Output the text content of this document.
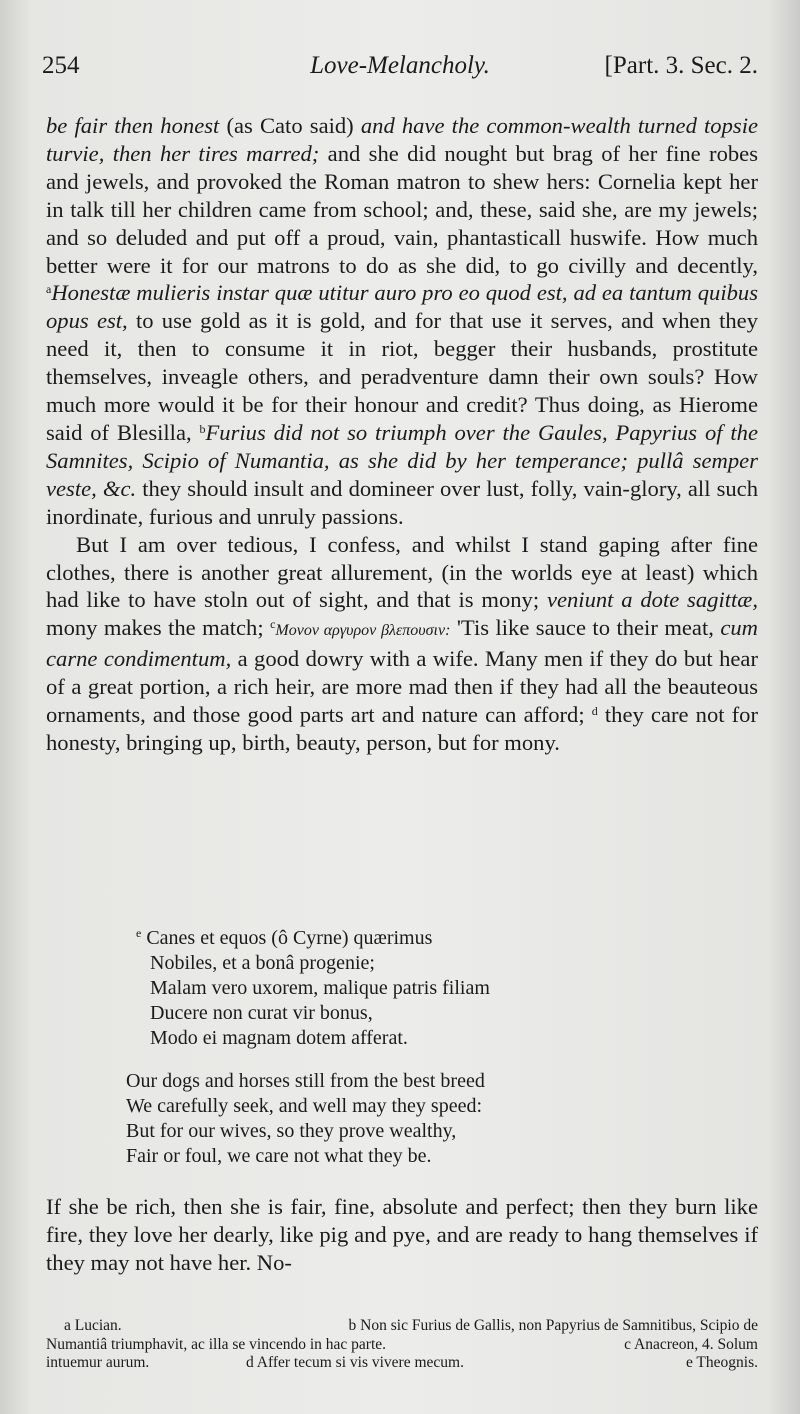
254	Love-Melancholy.	[Part. 3. Sec. 2.

be fair then honest (as Cato said) and have the common-wealth turned topsie turvie, then her tires marred; and she did nought but brag of her fine robes and jewels, and provoked the Roman matron to shew hers: Cornelia kept her in talk till her children came from school; and, these, said she, are my jewels; and so deluded and put off a proud, vain, phantasticall huswife. How much better were it for our matrons to do as she did, to go civilly and decently, $^a$Honestæ mulieris instar quæ utitur auro pro eo quod est, ad ea tantum quibus opus est, to use gold as it is gold, and for that use it serves, and when they need it, then to consume it in riot, begger their husbands, prostitute themselves, inveagle others, and peradventure damn their own souls? How much more would it be for their honour and credit? Thus doing, as Hierome said of Blesilla, $^b$Furius did not so triumph over the Gaules, Papyrius of the Samnites, Scipio of Numantia, as she did by her temperance; pullâ semper veste, &c. they should insult and domineer over lust, folly, vain-glory, all such inordinate, furious and unruly passions.

But I am over tedious, I confess, and whilst I stand gaping after fine clothes, there is another great allurement, (in the worlds eye at least) which had like to have stoln out of sight, and that is mony; veniunt a dote sagittæ, mony makes the match; $^c$Μονον αργυρον βλεπουσιν: 'Tis like sauce to their meat, cum carne condimentum, a good dowry with a wife. Many men if they do but hear of a great portion, a rich heir, are more mad then if they had all the beauteous ornaments, and those good parts art and nature can afford; $^d$ they care not for honesty, bringing up, birth, beauty, person, but for mony.

$^e$ Canes et equos (ô Cyrne) quærimus
Nobiles, et a bonâ progenie;
Malam vero uxorem, malique patris filiam
Ducere non curat vir bonus,
Modo ei magnam dotem afferat.
Our dogs and horses still from the best breed
We carefully seek, and well may they speed:
But for our wives, so they prove wealthy,
Fair or foul, we care not what they be.

If she be rich, then she is fair, fine, absolute and perfect; then they burn like fire, they love her dearly, like pig and pye, and are ready to hang themselves if they may not have her. No-

a Lucian.	b Non sic Furius de Gallis, non Papyrius de Samnitibus, Scipio de
Numantiâ triumphavit, ac illa se vincendo in hac parte.	c Anacreon, 4. Solum
intuemur aurum.	d Affer tecum si vis vivere mecum.	e Theognis.
